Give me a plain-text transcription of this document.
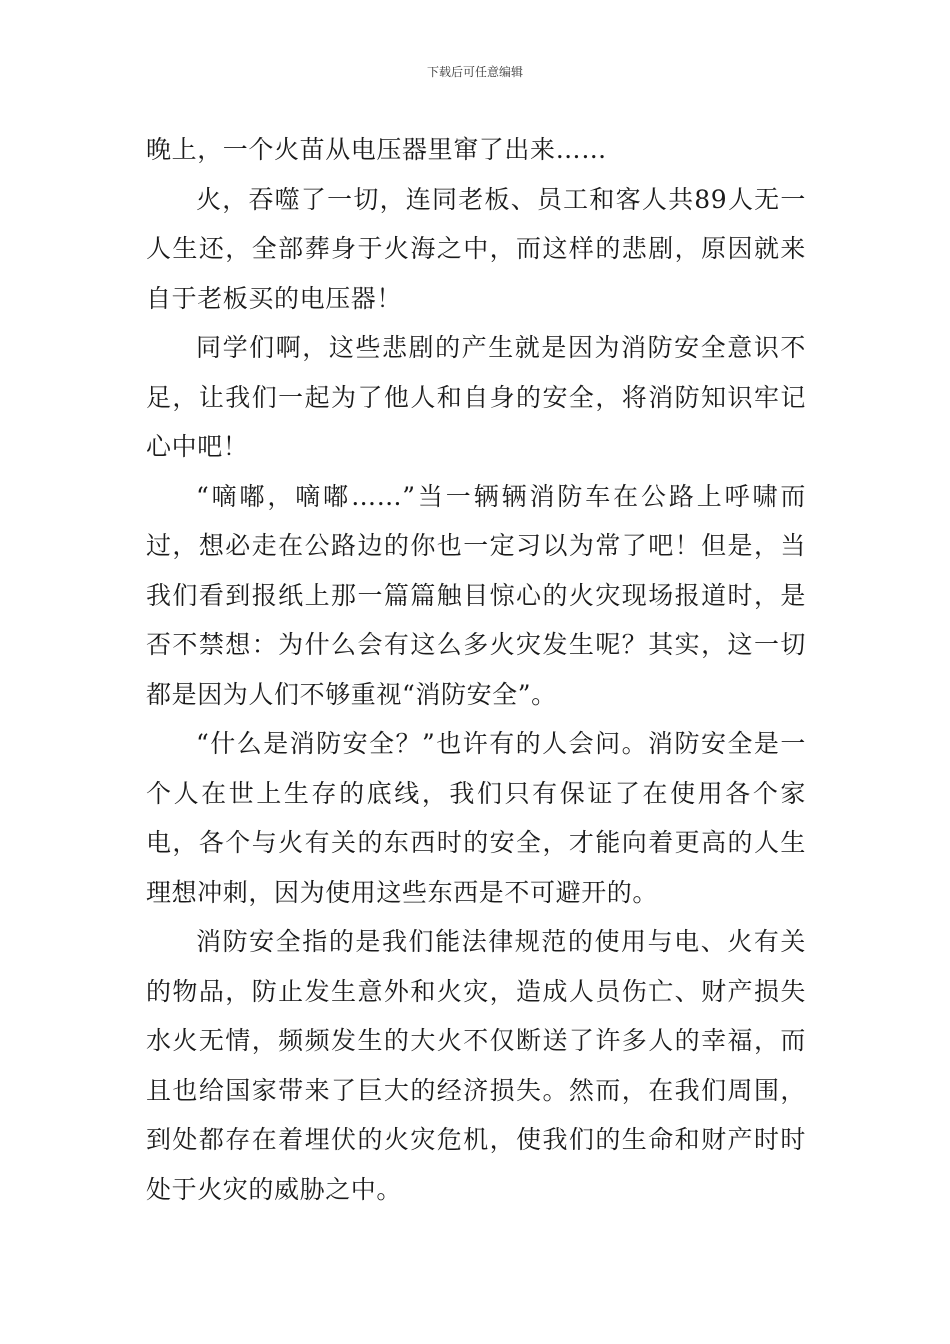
下载后可任意编辑

晚上，一个火苗从电压器里窜了出来……

火，吞噬了一切，连同老板、员工和客人共89人无一人生还，全部葬身于火海之中，而这样的悲剧，原因就来自于老板买的电压器！

同学们啊，这些悲剧的产生就是因为消防安全意识不足，让我们一起为了他人和自身的安全，将消防知识牢记心中吧！

“嘀嘟，嘀嘟……”当一辆辆消防车在公路上呼啸而过，想必走在公路边的你也一定习以为常了吧！但是，当我们看到报纸上那一篇篇触目惊心的火灾现场报道时，是否不禁想：为什么会有这么多火灾发生呢？其实，这一切都是因为人们不够重视“消防安全”。

“什么是消防安全？”也许有的人会问。消防安全是一个人在世上生存的底线，我们只有保证了在使用各个家电，各个与火有关的东西时的安全，才能向着更高的人生理想冲刺，因为使用这些东西是不可避开的。

消防安全指的是我们能法律规范的使用与电、火有关的物品，防止发生意外和火灾，造成人员伤亡、财产损失水火无情，频频发生的大火不仅断送了许多人的幸福，而且也给国家带来了巨大的经济损失。然而，在我们周围，到处都存在着埋伏的火灾危机，使我们的生命和财产时时处于火灾的威胁之中。
